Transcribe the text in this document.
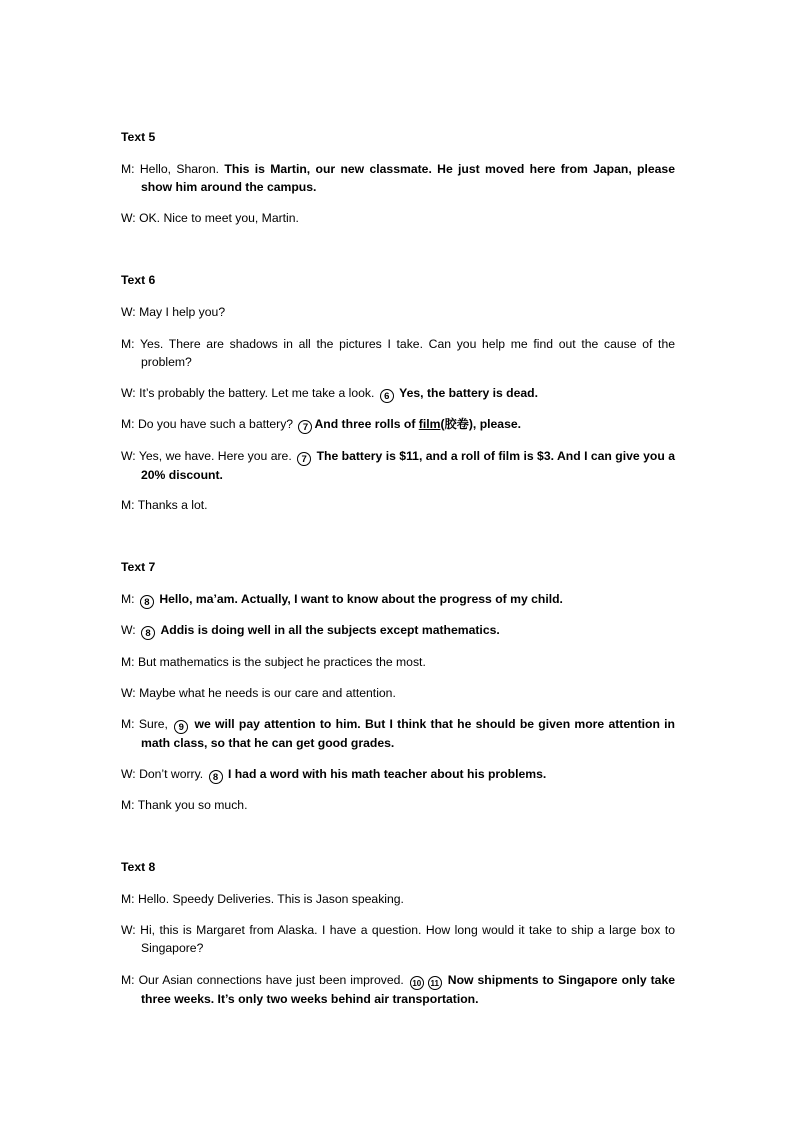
Text 5

M: Hello, Sharon. This is Martin, our new classmate. He just moved here from Japan, please show him around the campus.
W: OK. Nice to meet you, Martin.

Text 6

W: May I help you?
M: Yes. There are shadows in all the pictures I take. Can you help me find out the cause of the problem?
W: It’s probably the battery. Let me take a look. 6 Yes, the battery is dead.
M: Do you have such a battery? 7 And three rolls of film(胶卷), please.
W: Yes, we have. Here you are. 7 The battery is $11, and a roll of film is $3. And I can give you a 20% discount.
M: Thanks a lot.

Text 7

M: 8 Hello, ma’am. Actually, I want to know about the progress of my child.
W: 8 Addis is doing well in all the subjects except mathematics.
M: But mathematics is the subject he practices the most.
W: Maybe what he needs is our care and attention.
M: Sure, 9 we will pay attention to him. But I think that he should be given more attention in math class, so that he can get good grades.
W: Don’t worry. 8 I had a word with his math teacher about his problems.
M: Thank you so much.

Text 8

M: Hello. Speedy Deliveries. This is Jason speaking.
W: Hi, this is Margaret from Alaska. I have a question. How long would it take to ship a large box to Singapore?
M: Our Asian connections have just been improved. 10 11 Now shipments to Singapore only take three weeks. It’s only two weeks behind air transportation.
